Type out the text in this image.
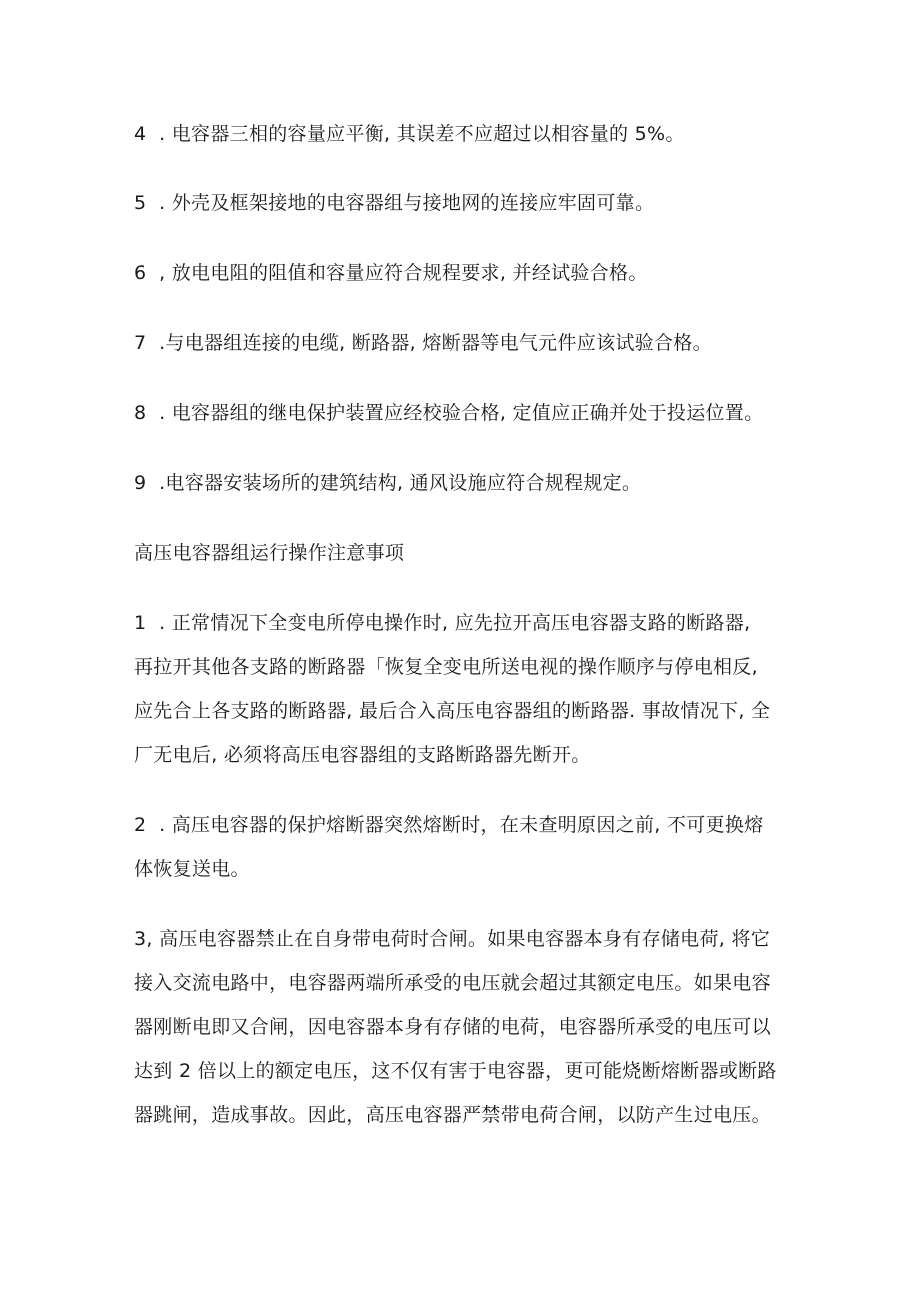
4  . 电容器三相的容量应平衡, 其误差不应超过以相容量的 5%。
5  . 外壳及框架接地的电容器组与接地网的连接应牢固可靠。
6  , 放电电阻的阻值和容量应符合规程要求, 并经试验合格。
7  .与电器组连接的电缆, 断路器, 熔断器等电气元件应该试验合格。
8  . 电容器组的继电保护装置应经校验合格, 定值应正确并处于投运位置。
9  .电容器安装场所的建筑结构, 通风设施应符合规程规定。
高压电容器组运行操作注意事项
1  . 正常情况下全变电所停电操作时, 应先拉开高压电容器支路的断路器,
再拉开其他各支路的断路器「恢复全变电所送电视的操作顺序与停电相反,
应先合上各支路的断路器, 最后合入高压电容器组的断路器. 事故情况下, 全
厂无电后, 必须将高压电容器组的支路断路器先断开。
2  . 高压电容器的保护熔断器突然熔断时，在未查明原因之前, 不可更换熔
体恢复送电。
3, 高压电容器禁止在自身带电荷时合闸。如果电容器本身有存储电荷, 将它
接入交流电路中，电容器两端所承受的电压就会超过其额定电压。如果电容
器刚断电即又合闸，因电容器本身有存储的电荷，电容器所承受的电压可以
达到 2 倍以上的额定电压，这不仅有害于电容器，更可能烧断熔断器或断路
器跳闸，造成事故。因此，高压电容器严禁带电荷合闸，以防产生过电压。
